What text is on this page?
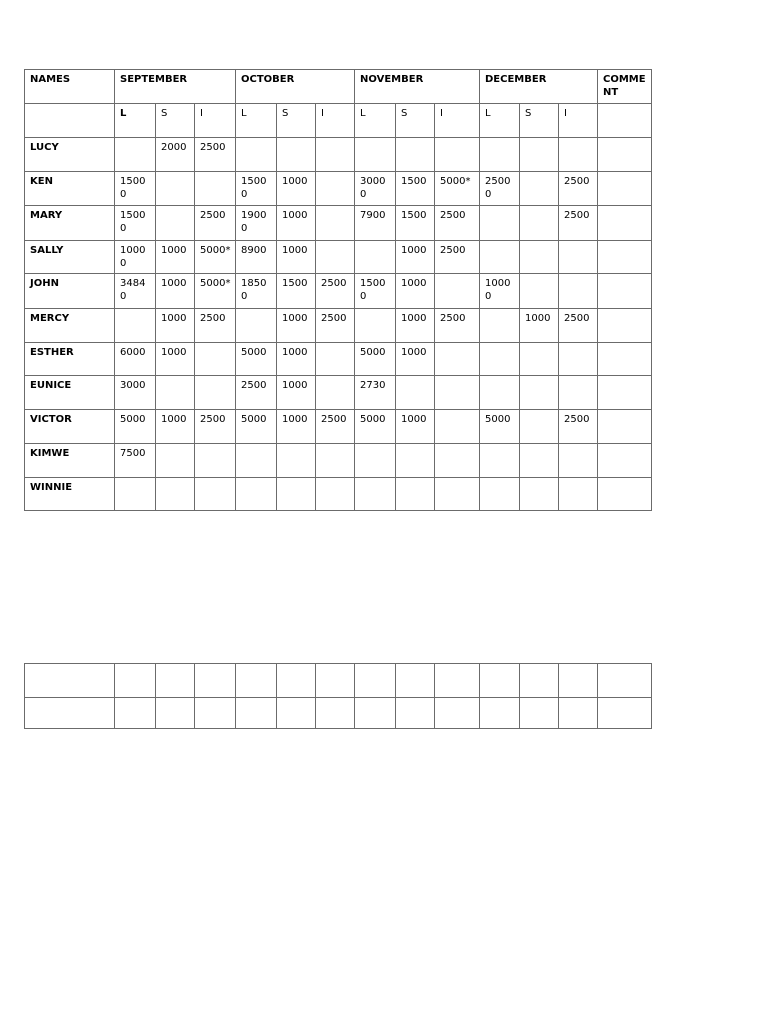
NAMES	SEPTEMBER			OCTOBER			NOVEMBER			DECEMBER			COMMENT
	L	S	I	L	S	I	L	S	I	L	S	I	
LUCY		2000	2500										
KEN	15000			15000	1000		30000	1500	5000*	25000		2500	
MARY	15000		2500	19000	1000		7900	1500	2500			2500	
SALLY	10000	1000	5000*	8900	1000			1000	2500				
JOHN	34840	1000	5000*	18500	1500	2500	15000	1000		10000			
MERCY		1000	2500		1000	2500		1000	2500		1000	2500	
ESTHER	6000	1000		5000	1000		5000	1000					
EUNICE	3000			2500	1000		2730						
VICTOR	5000	1000	2500	5000	1000	2500	5000	1000		5000		2500	
KIMWE	7500												
WINNIE													
